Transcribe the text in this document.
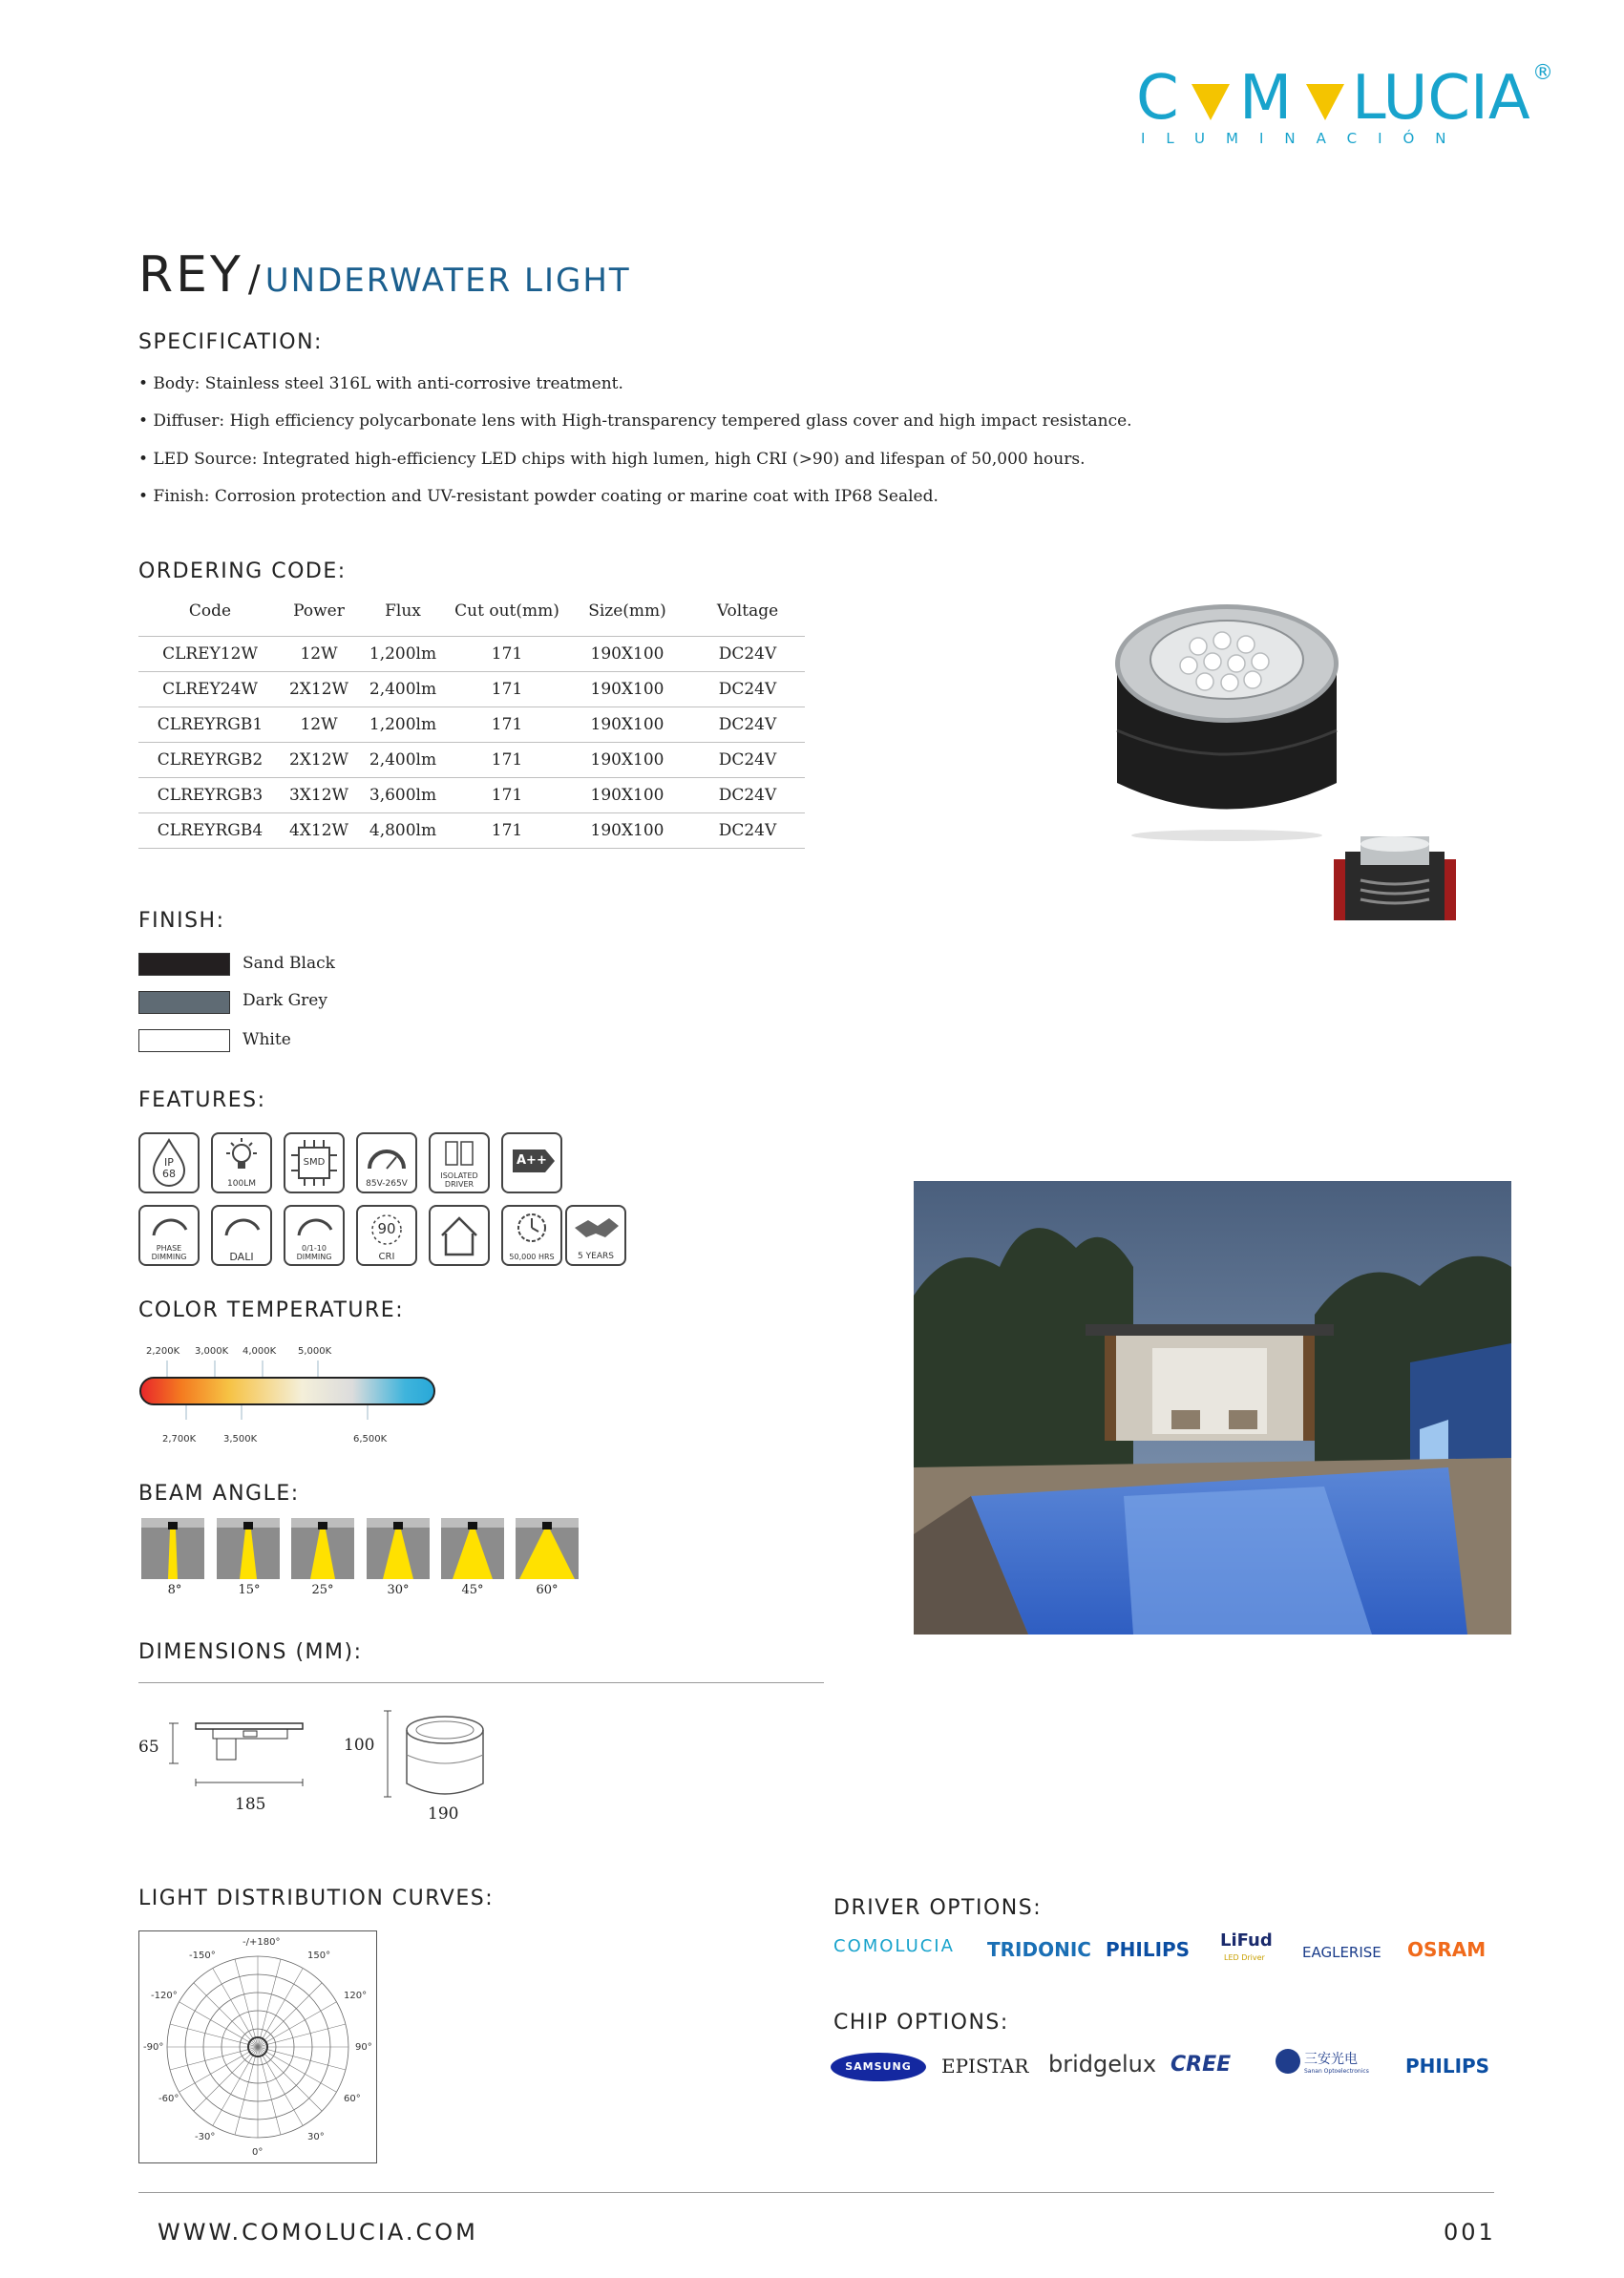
C M LUCIA ®
ILUMINACIÓN
REY / UNDERWATER LIGHT
SPECIFICATION:
• Body: Stainless steel 316L with anti-corrosive treatment.
• Diffuser: High efficiency polycarbonate lens with High-transparency tempered glass cover and high impact resistance.
• LED Source: Integrated high-efficiency LED chips with high lumen, high CRI (>90) and lifespan of 50,000 hours.
• Finish: Corrosion protection and UV-resistant powder coating or marine coat with IP68 Sealed.
ORDERING CODE:
Code	Power	Flux	Cut out(mm)	Size(mm)	Voltage
CLREY12W	12W	1,200lm	171	190X100	DC24V
CLREY24W	2X12W	2,400lm	171	190X100	DC24V
CLREYRGB1	12W	1,200lm	171	190X100	DC24V
CLREYRGB2	2X12W	2,400lm	171	190X100	DC24V
CLREYRGB3	3X12W	3,600lm	171	190X100	DC24V
CLREYRGB4	4X12W	4,800lm	171	190X100	DC24V
FINISH:
Sand Black
Dark Grey
White
FEATURES:
IP 68
100LM
SMD
85V-265V
ISOLATED DRIVER
A++
PHASE DIMMING	DALI
0/1-10 DIMMING
90
CRI	50,000 HRS	5 YEARS
COLOR TEMPERATURE:
2,200K 3,000K 4,000K 5,000K
2,700K	3,500K	6,500K
BEAM ANGLE:
8°	15°	25°	30°	45°	60°
DIMENSIONS (MM):
65
185
100
190
LIGHT DISTRIBUTION CURVES:
-/+180°
-150°	150°
-120°	120°
-90°	90°
-60°	60°
-30°	30°
0°
DRIVER OPTIONS:
COMOLUCIA TRIDONIC PHILIPS LiFud
LED Driver	EAGLERISE OSRAM
CHIP OPTIONS:
SAMSUNG	EPISTAR bridgelux CREE	三安光电
Sanan Optoelectronics PHILIPS
WWW.COMOLUCIA.COM	001
